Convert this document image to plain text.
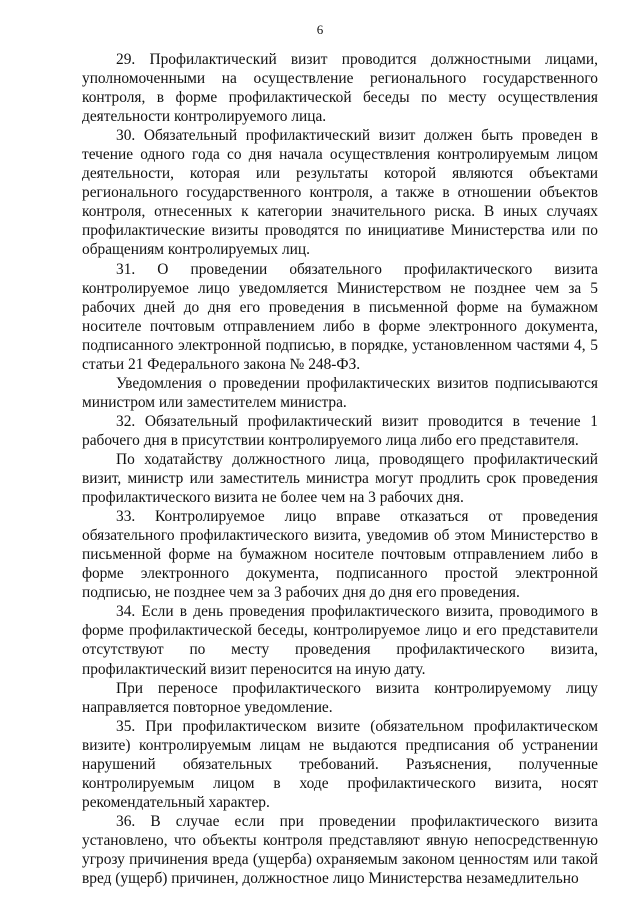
6

29. Профилактический визит проводится должностными лицами, уполномоченными на осуществление регионального государственного контроля, в форме профилактической беседы по месту осуществления деятельности контролируемого лица.

30. Обязательный профилактический визит должен быть проведен в течение одного года со дня начала осуществления контролируемым лицом деятельности, которая или результаты которой являются объектами регионального государственного контроля, а также в отношении объектов контроля, отнесенных к категории значительного риска. В иных случаях профилактические визиты проводятся по инициативе Министерства или по обращениям контролируемых лиц.

31. О проведении обязательного профилактического визита контролируемое лицо уведомляется Министерством не позднее чем за 5 рабочих дней до дня его проведения в письменной форме на бумажном носителе почтовым отправлением либо в форме электронного документа, подписанного электронной подписью, в порядке, установленном частями 4, 5 статьи 21 Федерального закона № 248-ФЗ.

Уведомления о проведении профилактических визитов подписываются министром или заместителем министра.

32. Обязательный профилактический визит проводится в течение 1 рабочего дня в присутствии контролируемого лица либо его представителя.

По ходатайству должностного лица, проводящего профилактический визит, министр или заместитель министра могут продлить срок проведения профилактического визита не более чем на 3 рабочих дня.

33. Контролируемое лицо вправе отказаться от проведения обязательного профилактического визита, уведомив об этом Министерство в письменной форме на бумажном носителе почтовым отправлением либо в форме электронного документа, подписанного простой электронной подписью, не позднее чем за 3 рабочих дня до дня его проведения.

34. Если в день проведения профилактического визита, проводимого в форме профилактической беседы, контролируемое лицо и его представители отсутствуют по месту проведения профилактического визита, профилактический визит переносится на иную дату.

При переносе профилактического визита контролируемому лицу направляется повторное уведомление.

35. При профилактическом визите (обязательном профилактическом визите) контролируемым лицам не выдаются предписания об устранении нарушений обязательных требований. Разъяснения, полученные контролируемым лицом в ходе профилактического визита, носят рекомендательный характер.

36. В случае если при проведении профилактического визита установлено, что объекты контроля представляют явную непосредственную угрозу причинения вреда (ущерба) охраняемым законом ценностям или такой вред (ущерб) причинен, должностное лицо Министерства незамедлительно
